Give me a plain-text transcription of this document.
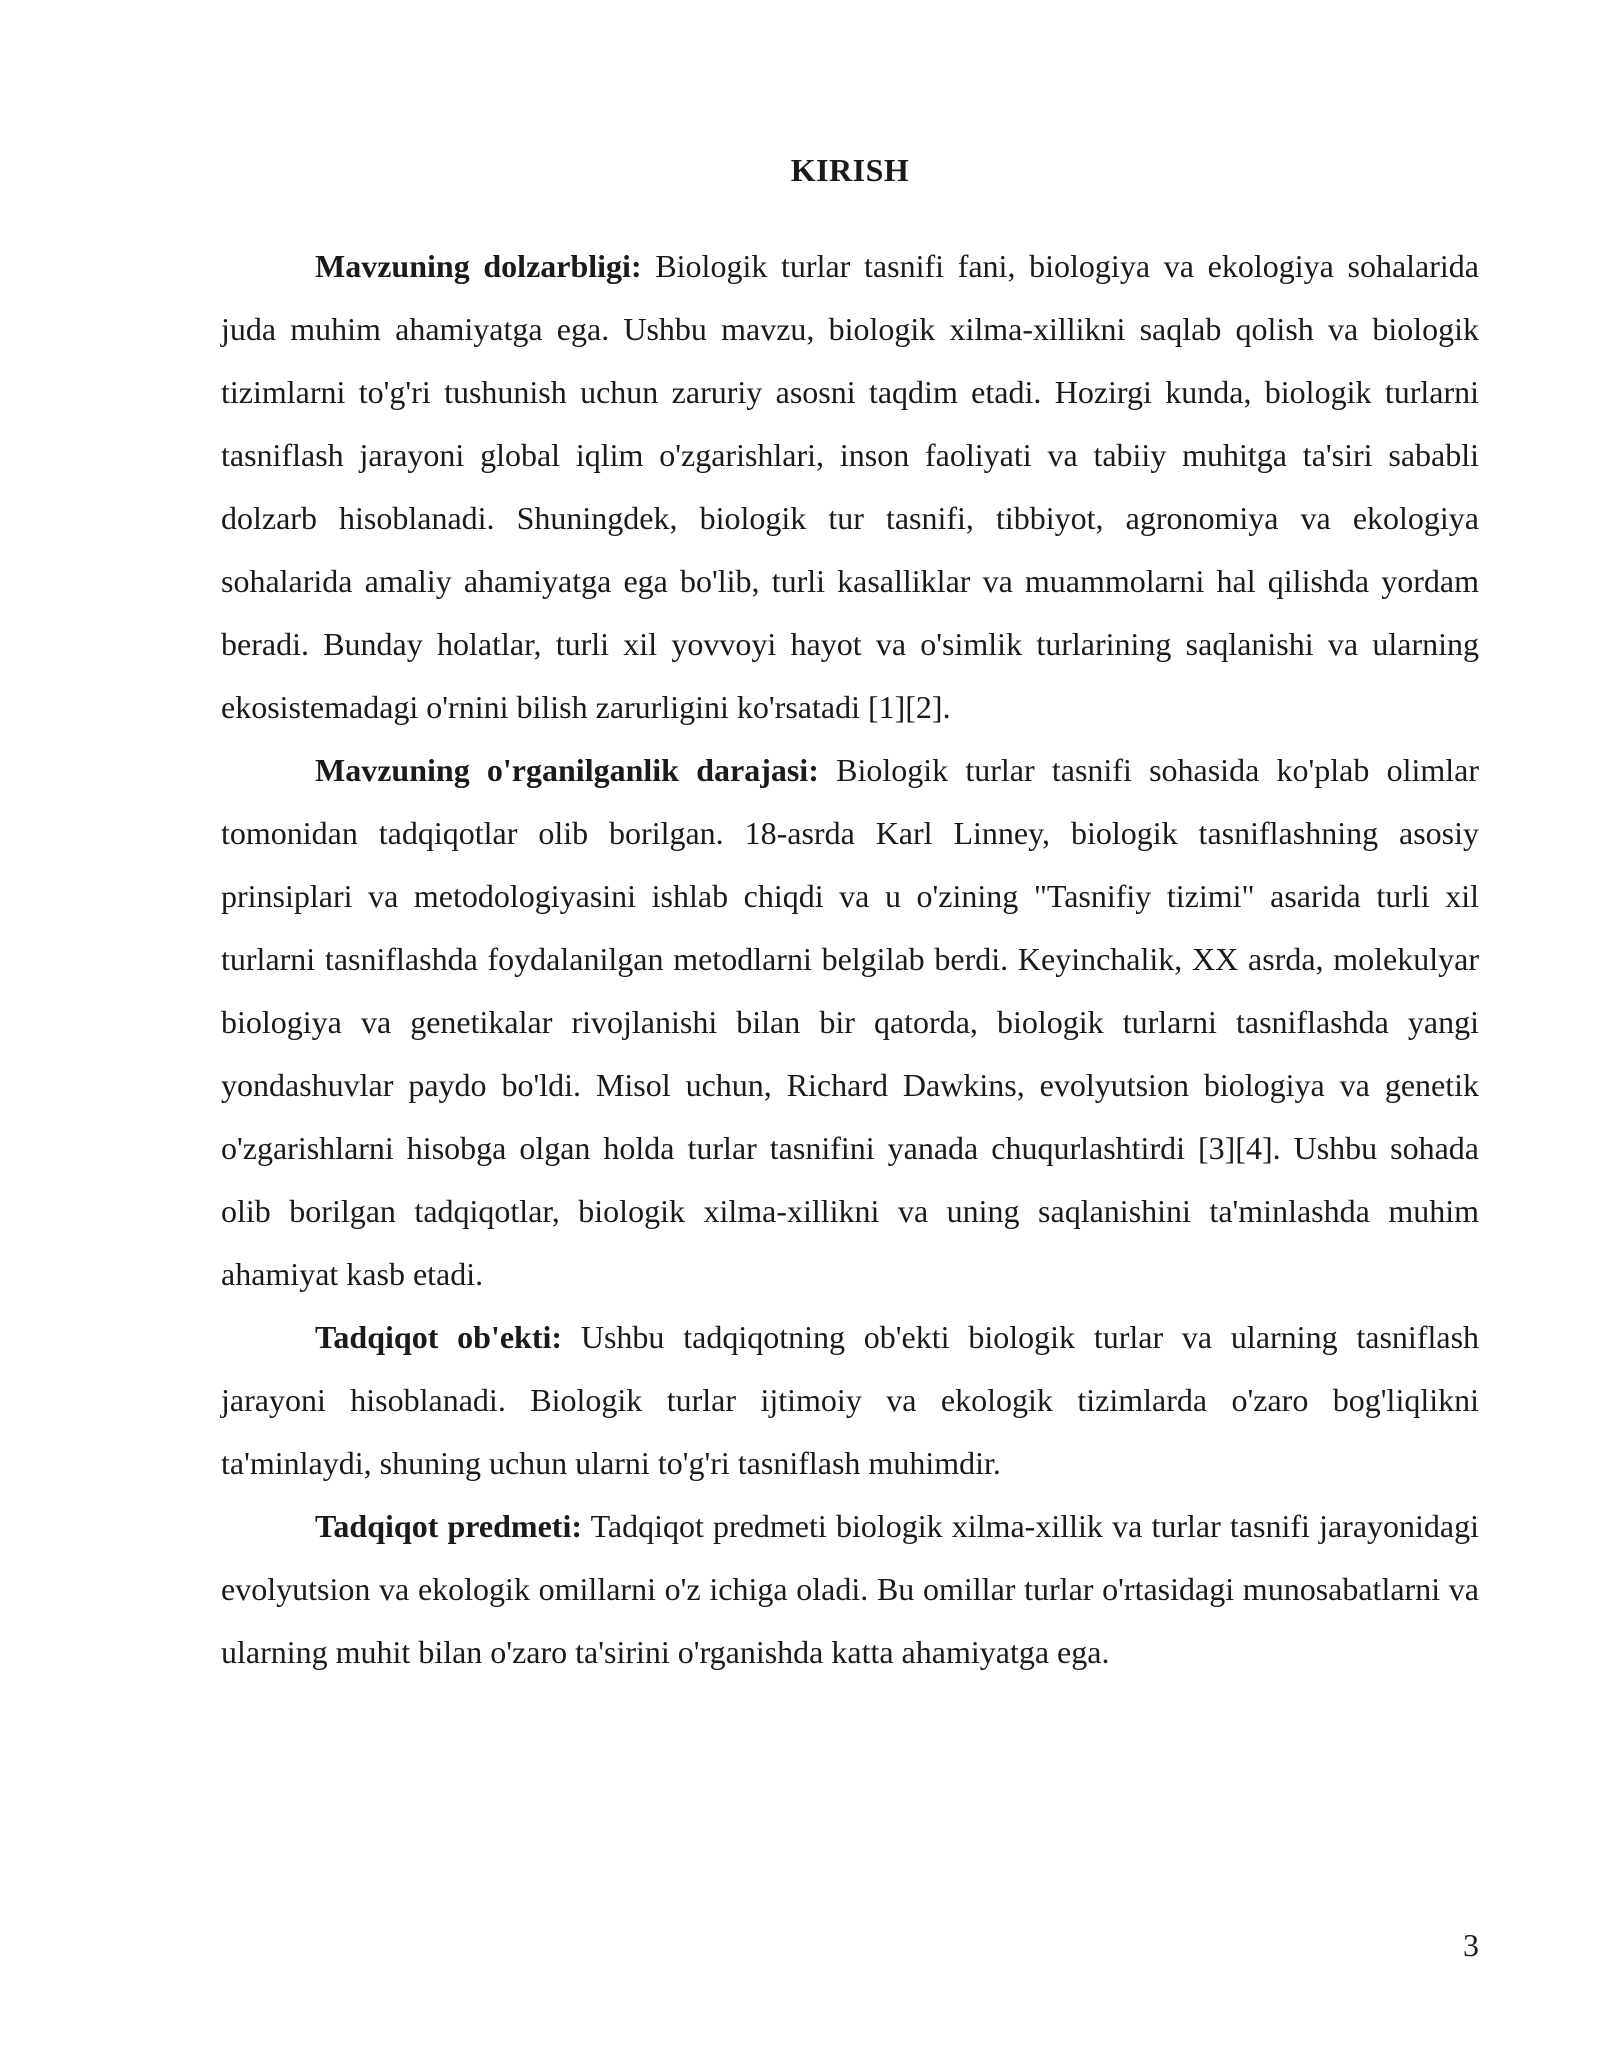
KIRISH

Mavzuning dolzarbligi: Biologik turlar tasnifi fani, biologiya va ekologiya sohalarida juda muhim ahamiyatga ega. Ushbu mavzu, biologik xilma-xillikni saqlab qolish va biologik tizimlarni to'g'ri tushunish uchun zaruriy asosni taqdim etadi. Hozirgi kunda, biologik turlarni tasniflash jarayoni global iqlim o'zgarishlari, inson faoliyati va tabiiy muhitga ta'siri sababli dolzarb hisoblanadi. Shuningdek, biologik tur tasnifi, tibbiyot, agronomiya va ekologiya sohalarida amaliy ahamiyatga ega bo'lib, turli kasalliklar va muammolarni hal qilishda yordam beradi. Bunday holatlar, turli xil yovvoyi hayot va o'simlik turlarining saqlanishi va ularning ekosistemadagi o'rnini bilish zarurligini ko'rsatadi [1][2].

Mavzuning o'rganilganlik darajasi: Biologik turlar tasnifi sohasida ko'plab olimlar tomonidan tadqiqotlar olib borilgan. 18-asrda Karl Linney, biologik tasniflashning asosiy prinsiplari va metodologiyasini ishlab chiqdi va u o'zining "Tasnifiy tizimi" asarida turli xil turlarni tasniflashda foydalanilgan metodlarni belgilab berdi. Keyinchalik, XX asrda, molekulyar biologiya va genetikalar rivojlanishi bilan bir qatorda, biologik turlarni tasniflashda yangi yondashuvlar paydo bo'ldi. Misol uchun, Richard Dawkins, evolyutsion biologiya va genetik o'zgarishlarni hisobga olgan holda turlar tasnifini yanada chuqurlashtirdi [3][4]. Ushbu sohada olib borilgan tadqiqotlar, biologik xilma-xillikni va uning saqlanishini ta'minlashda muhim ahamiyat kasb etadi.

Tadqiqot ob'ekti: Ushbu tadqiqotning ob'ekti biologik turlar va ularning tasniflash jarayoni hisoblanadi. Biologik turlar ijtimoiy va ekologik tizimlarda o'zaro bog'liqlikni ta'minlaydi, shuning uchun ularni to'g'ri tasniflash muhimdir.

Tadqiqot predmeti: Tadqiqot predmeti biologik xilma-xillik va turlar tasnifi jarayonidagi evolyutsion va ekologik omillarni o'z ichiga oladi. Bu omillar turlar o'rtasidagi munosabatlarni va ularning muhit bilan o'zaro ta'sirini o'rganishda katta ahamiyatga ega.

3
